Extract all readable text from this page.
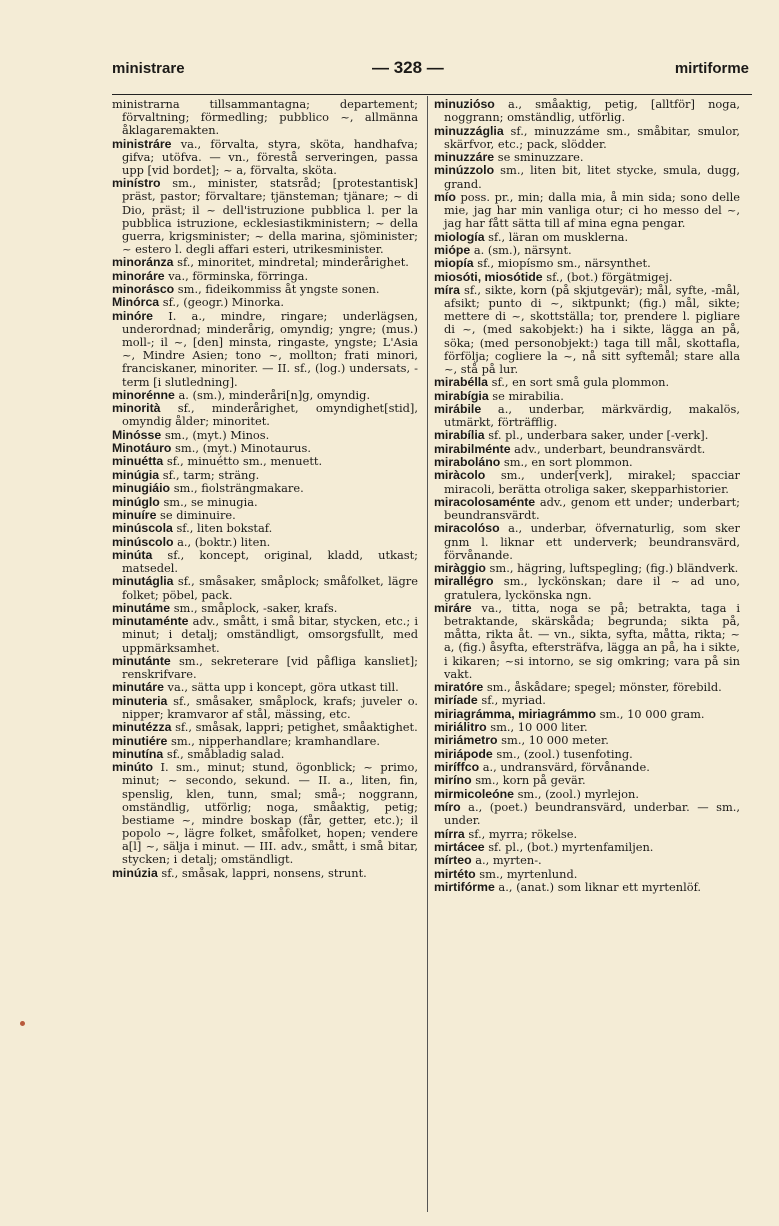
ministrare	— 328 —	mirtiforme
ministrarna tillsammantagna; departement; förvaltning; förmedling; pubblico ~, allmänna åklagaremakten.
ministráre va., förvalta, styra, sköta, handhafva; gifva; utöfva. — vn., förestå serveringen, passa upp [vid bordet]; ~ a, förvalta, sköta.
minístro sm., minister, statsråd; [protestantisk] präst, pastor; förvaltare; tjänsteman; tjänare; ~ di Dio, präst; il ~ dell'istruzione pubblica l. per la pubblica istruzione, ecklesiastikministern; ~ della guerra, krigsminister; ~ della marina, sjöminister; ~ estero l. degli affari esteri, utrikesminister.
minoránza sf., minoritet, mindretal; minderårighet.
minoráre va., förminska, förringa.
minoráscо sm., fideikommiss åt yngste sonen.
Minórca sf., (geogr.) Minorka.
minóre I. a., mindre, ringare; underlägsen, underordnad; minderårig, omyndig; yngre; (mus.) moll-; il ~, [den] minsta, ringaste, yngste; L'Asia ~, Mindre Asien; tono ~, mollton; frati minori, franciskaner, minoriter. — II. sf., (log.) undersats, -term [i slutledning].
minorénne a. (sm.), minderåri[n]g, omyndig.
minorità sf., minderårighet, omyndighet[stid], omyndig ålder; minoritet.
Minósse sm., (myt.) Minos.
Minotáuro sm., (myt.) Minotaurus.
minuétta sf., minuétto sm., menuett.
minúgia sf., tarm; sträng.
minugiáio sm., fiolsträngmakare.
minúglo sm., se minugia.
minuíre se diminuire.
minúscola sf., liten bokstaf.
minúscolo a., (boktr.) liten.
minúta sf., koncept, original, kladd, utkast; matsedel.
minutáglia sf., småsaker, småplock; småfolket, lägre folket; pöbel, pack.
minutáme sm., småplock, -saker, krafs.
minutaménte adv., smått, i små bitar, stycken, etc.; i minut; i detalj; omständligt, omsorgsfullt, med uppmärksamhet.
minutánte sm., sekreterare [vid påfliga kansliet]; renskrifvare.
minutáre va., sätta upp i koncept, göra utkast till.
minuteria sf., småsaker, småplock, krafs; juveler o. nipper; kramvaror af stål, mässing, etc.
minutézza sf., småsak, lappri; petighet, småaktighet.
minutiére sm., nipperhandlare; kramhandlare.
minutína sf., småbladig salad.
minúto I. sm., minut; stund, ögonblick; ~ primo, minut; ~ secondo, sekund. — II. a., liten, fin, spenslig, klen, tunn, smal; små-; noggrann, omständlig, utförlig; noga, småaktig, petig; bestiame ~, mindre boskap (får, getter, etc.); il popolo ~, lägre folket, småfolket, hopen; vendere a[l] ~, sälja i minut. — III. adv., smått, i små bitar, stycken; i detalj; omständligt.
minúzia sf., småsak, lappri, nonsens, strunt.
minuzióso a., småaktig, petig, [alltför] noga, noggrann; omständlig, utförlig.
minuzzáglia sf., minuzzáme sm., småbitar, smulor, skärfvor, etc.; pack, slödder.
minuzzáre se sminuzzare.
minúzzolo sm., liten bit, litet stycke, smula, dugg, grand.
mío poss. pr., min; dalla mia, å min sida; sono delle mie, jag har min vanliga otur; ci ho messo del ~, jag har fått sätta till af mina egna pengar.
miología sf., läran om musklerna.
miópe a. (sm.), närsynt.
miopía sf., miopísmo sm., närsynthet.
miosóti, miosótide sf., (bot.) förgätmigej.
míra sf., sikte, korn (på skjutgevär); mål, syfte, -mål, afsikt; punto di ~, siktpunkt; (fig.) mål, sikte; mettere di ~, skottställa; tor, prendere l. pigliare di ~, (med sakobjekt:) ha i sikte, lägga an på, söka; (med personobjekt:) taga till mål, skottafla, förfölja; cogliere la ~, nå sitt syftemål; stare alla ~, stå på lur.
mirabélla sf., en sort små gula plommon.
mirabígia se mirabilia.
mirábile a., underbar, märkvärdig, makalös, utmärkt, förträfflig.
mirabília sf. pl., underbara saker, under [-verk].
mirabilménte adv., underbart, beundransvärdt.
miraboláno sm., en sort plommon.
miràcolo sm., under[verk], mirakel; spacciar miracoli, berätta otroliga saker, skepparhistorier.
miracolosaménte adv., genom ett under; underbart; beundransvärdt.
miracolóso a., underbar, öfvernaturlig, som sker gnm l. liknar ett underverk; beundransvärd, förvånande.
miràggio sm., hägring, luftspegling; (fig.) bländverk.
mirallégro sm., lyckönskan; dare il ~ ad uno, gratulera, lyckönska ngn.
miráre va., titta, noga se på; betrakta, taga i betraktande, skärskåda; begrunda; sikta på, måtta, rikta åt. — vn., sikta, syfta, måtta, rikta; ~ a, (fig.) åsyfta, eftersträfva, lägga an på, ha i sikte, i kikaren; ~si intorno, se sig omkring; vara på sin vakt.
miratóre sm., åskådare; spegel; mönster, förebild.
miríade sf., myriad.
miriagrámma, miriagrámmo sm., 10 000 gram.
miriálitro sm., 10 000 liter.
miriámetro sm., 10 000 meter.
miriápode sm., (zool.) tusenfoting.
miríffco a., undransvärd, förvånande.
miríno sm., korn på gevär.
mirmicoleóne sm., (zool.) myrlejon.
míro a., (poet.) beundransvärd, underbar. — sm., under.
mírra sf., myrra; rökelse.
mirtácee sf. pl., (bot.) myrtenfamiljen.
mírteo a., myrten-.
mirtéto sm., myrtenlund.
mirtifórme a., (anat.) som liknar ett myrtenlöf.
